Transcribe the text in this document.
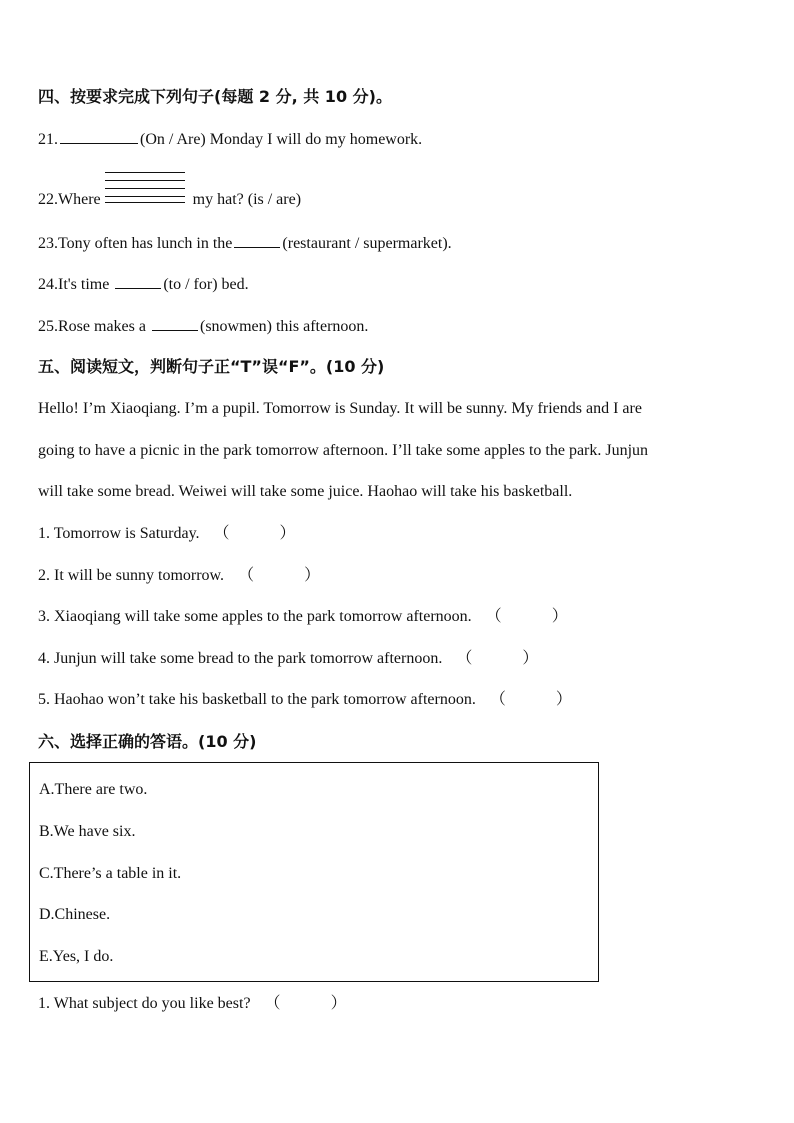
四、按要求完成下列句子(每题 2 分, 共 10 分)。
21.	(On / Are) Monday I will do my homework.
22.Where	my hat? (is / are)
23.Tony often has lunch in the	(restaurant / supermarket).
24.It's time	(to / for) bed.
25.Rose makes a	(snowmen) this afternoon.
五、阅读短文，判断句子正“T”误“F”。(10 分)
Hello! I’m Xiaoqiang. I’m a pupil. Tomorrow is Sunday. It will be sunny. My friends and I are
going to have a picnic in the park tomorrow afternoon. I’ll take some apples to the park. Junjun
will take some bread. Weiwei will take some juice. Haohao will take his basketball.
1. Tomorrow is Saturday. （	）
2. It will be sunny tomorrow. （	）
3. Xiaoqiang will take some apples to the park tomorrow afternoon. （	）
4. Junjun will take some bread to the park tomorrow afternoon. （	）
5. Haohao won’t take his basketball to the park tomorrow afternoon. （	）
六、选择正确的答语。(10 分)
A.There are two.
B.We have six.
C.There’s a table in it.
D.Chinese.
E.Yes, I do.
1. What subject do you like best? （	）
